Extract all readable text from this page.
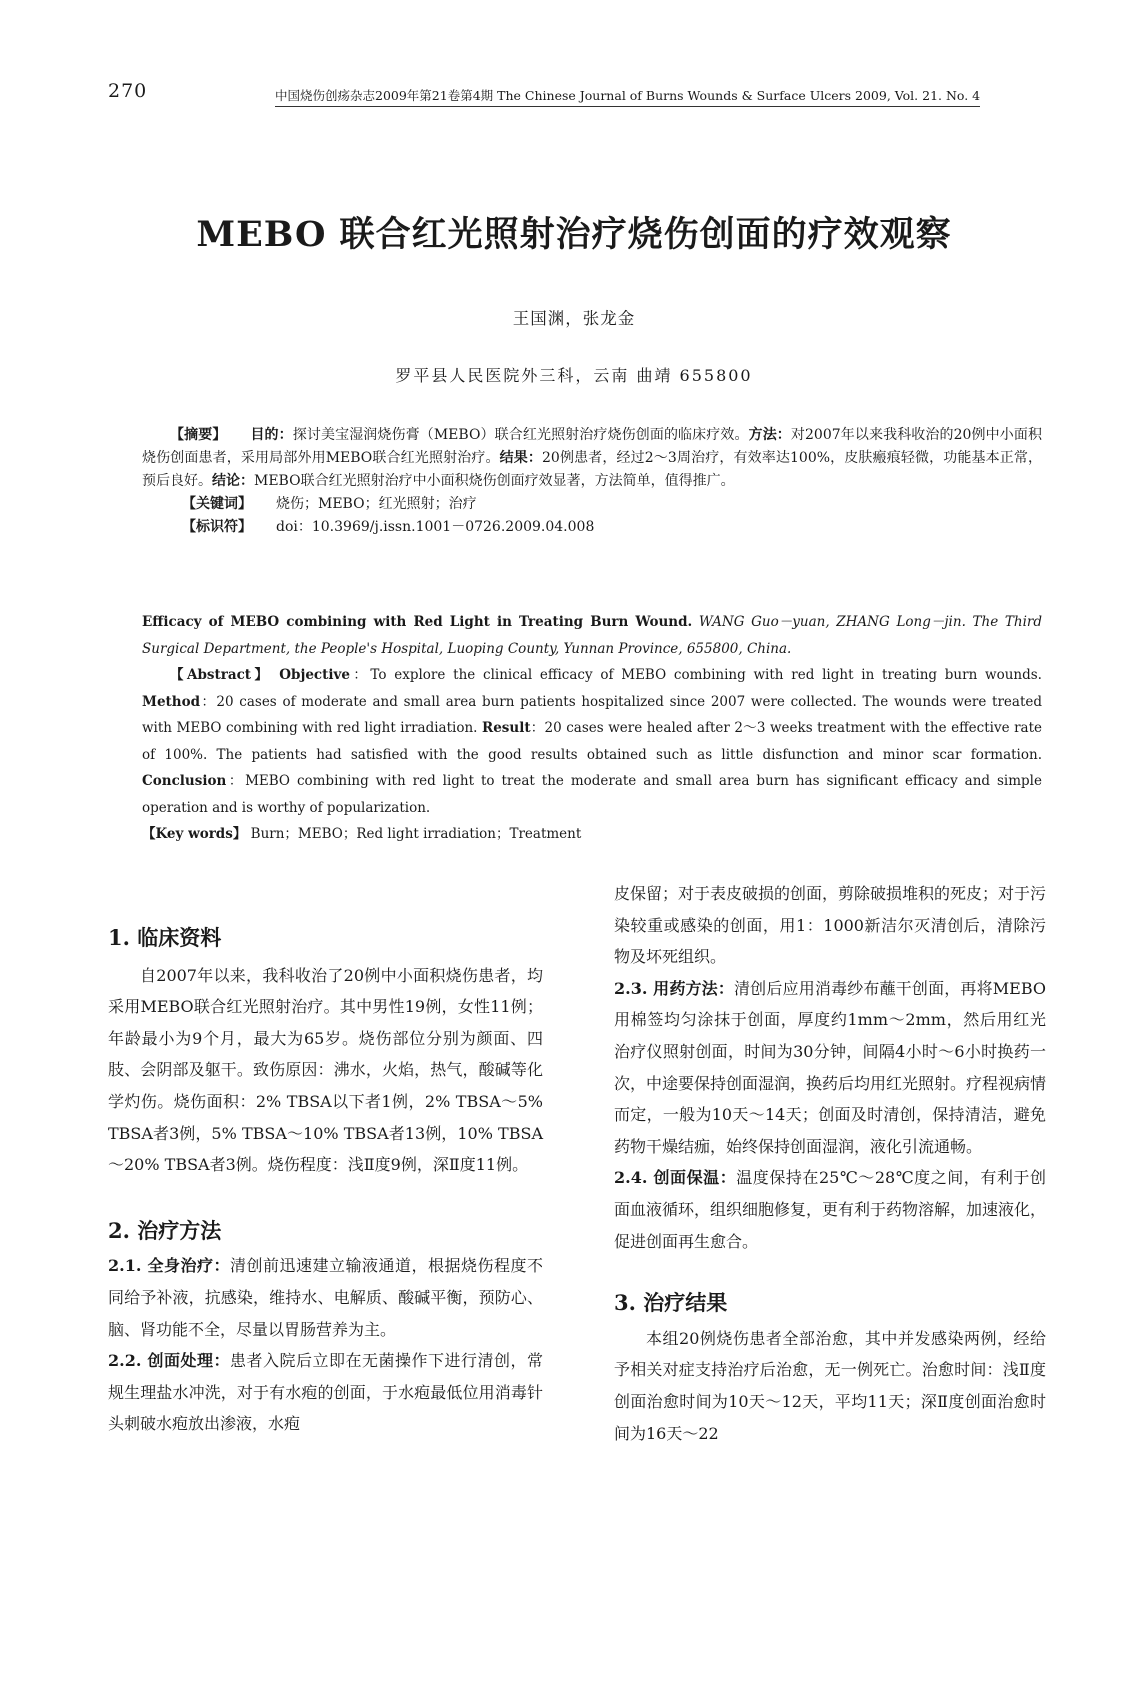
270	中国烧伤创疡杂志2009年第21卷第4期 The Chinese Journal of Burns Wounds & Surface Ulcers 2009, Vol. 21. No. 4
MEBO 联合红光照射治疗烧伤创面的疗效观察
王国渊，张龙金
罗平县人民医院外三科，云南 曲靖 655800

【摘要】 目的：探讨美宝湿润烧伤膏（MEBO）联合红光照射治疗烧伤创面的临床疗效。方法：对2007年以来我科收治的20例中小面积烧伤创面患者，采用局部外用MEBO联合红光照射治疗。结果：20例患者，经过2～3周治疗，有效率达100%，皮肤瘢痕轻微，功能基本正常，预后良好。结论：MEBO联合红光照射治疗中小面积烧伤创面疗效显著，方法简单，值得推广。

【关键词】 烧伤；MEBO；红光照射；治疗

【标识符】 doi：10.3969/j.issn.1001－0726.2009.04.008

Efficacy of MEBO combining with Red Light in Treating Burn Wound. WANG Guo－yuan, ZHANG Long－jin. The Third Surgical Department, the People's Hospital, Luoping County, Yunnan Province, 655800, China.

【Abstract】 Objective：To explore the clinical efficacy of MEBO combining with red light in treating burn wounds. Method：20 cases of moderate and small area burn patients hospitalized since 2007 were collected. The wounds were treated with MEBO combining with red light irradiation. Result：20 cases were healed after 2～3 weeks treatment with the effective rate of 100%. The patients had satisfied with the good results obtained such as little disfunction and minor scar formation. Conclusion：MEBO combining with red light to treat the moderate and small area burn has significant efficacy and simple operation and is worthy of popularization.

【Key words】 Burn；MEBO；Red light irradiation；Treatment

1. 临床资料

自2007年以来，我科收治了20例中小面积烧伤患者，均采用MEBO联合红光照射治疗。其中男性19例，女性11例；年龄最小为9个月，最大为65岁。烧伤部位分别为颜面、四肢、会阴部及躯干。致伤原因：沸水，火焰，热气，酸碱等化学灼伤。烧伤面积：2% TBSA以下者1例，2% TBSA～5% TBSA者3例，5% TBSA～10% TBSA者13例，10% TBSA～20% TBSA者3例。烧伤程度：浅Ⅱ度9例，深Ⅱ度11例。

2. 治疗方法

2.1. 全身治疗：清创前迅速建立输液通道，根据烧伤程度不同给予补液，抗感染，维持水、电解质、酸碱平衡，预防心、脑、肾功能不全，尽量以胃肠营养为主。

2.2. 创面处理：患者入院后立即在无菌操作下进行清创，常规生理盐水冲洗，对于有水疱的创面，于水疱最低位用消毒针头刺破水疱放出渗液，水疱

皮保留；对于表皮破损的创面，剪除破损堆积的死皮；对于污染较重或感染的创面，用1：1000新洁尔灭清创后，清除污物及坏死组织。

2.3. 用药方法：清创后应用消毒纱布蘸干创面，再将MEBO用棉签均匀涂抹于创面，厚度约1mm～2mm，然后用红光治疗仪照射创面，时间为30分钟，间隔4小时～6小时换药一次，中途要保持创面湿润，换药后均用红光照射。疗程视病情而定，一般为10天～14天；创面及时清创，保持清洁，避免药物干燥结痂，始终保持创面湿润，液化引流通畅。

2.4. 创面保温：温度保持在25℃～28℃度之间，有利于创面血液循环，组织细胞修复，更有利于药物溶解，加速液化，促进创面再生愈合。

3. 治疗结果

本组20例烧伤患者全部治愈，其中并发感染两例，经给予相关对症支持治疗后治愈，无一例死亡。治愈时间：浅Ⅱ度创面治愈时间为10天～12天，平均11天；深Ⅱ度创面治愈时间为16天～22
